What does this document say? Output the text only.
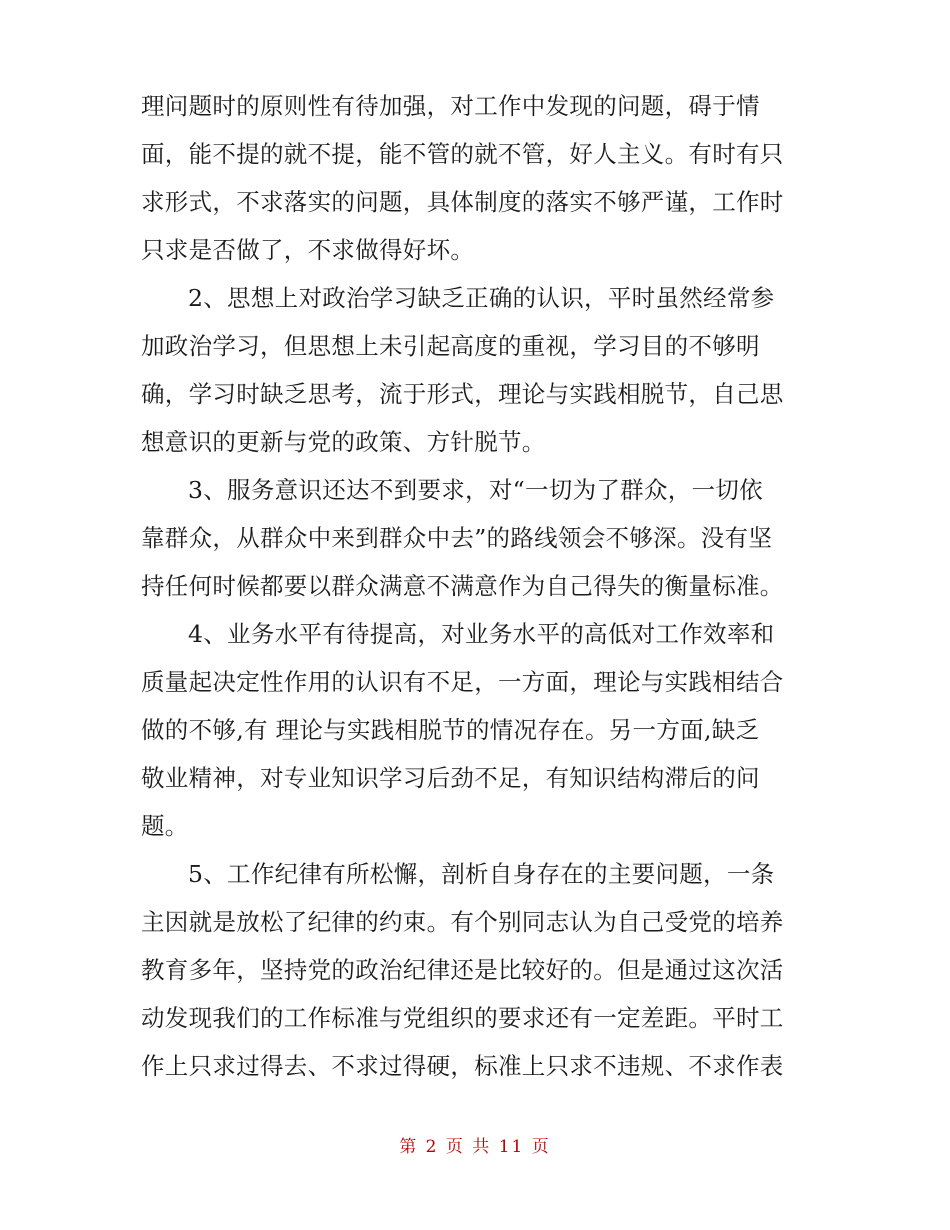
理问题时的原则性有待加强，对工作中发现的问题，碍于情
面，能不提的就不提，能不管的就不管，好人主义。有时有只
求形式，不求落实的问题，具体制度的落实不够严谨，工作时
只求是否做了，不求做得好坏。
2、思想上对政治学习缺乏正确的认识，平时虽然经常参
加政治学习，但思想上未引起高度的重视，学习目的不够明
确，学习时缺乏思考，流于形式，理论与实践相脱节，自己思
想意识的更新与党的政策、方针脱节。
3、服务意识还达不到要求，对“一切为了群众，一切依
靠群众，从群众中来到群众中去”的路线领会不够深。没有坚
持任何时候都要以群众满意不满意作为自己得失的衡量标准。
4、业务水平有待提高，对业务水平的高低对工作效率和
质量起决定性作用的认识有不足，一方面，理论与实践相结合
做的不够,有 理论与实践相脱节的情况存在。另一方面,缺乏
敬业精神，对专业知识学习后劲不足，有知识结构滞后的问
题。
5、工作纪律有所松懈，剖析自身存在的主要问题，一条
主因就是放松了纪律的约束。有个别同志认为自己受党的培养
教育多年，坚持党的政治纪律还是比较好的。但是通过这次活
动发现我们的工作标准与党组织的要求还有一定差距。平时工
作上只求过得去、不求过得硬，标准上只求不违规、不求作表
第 2 页 共 11 页
